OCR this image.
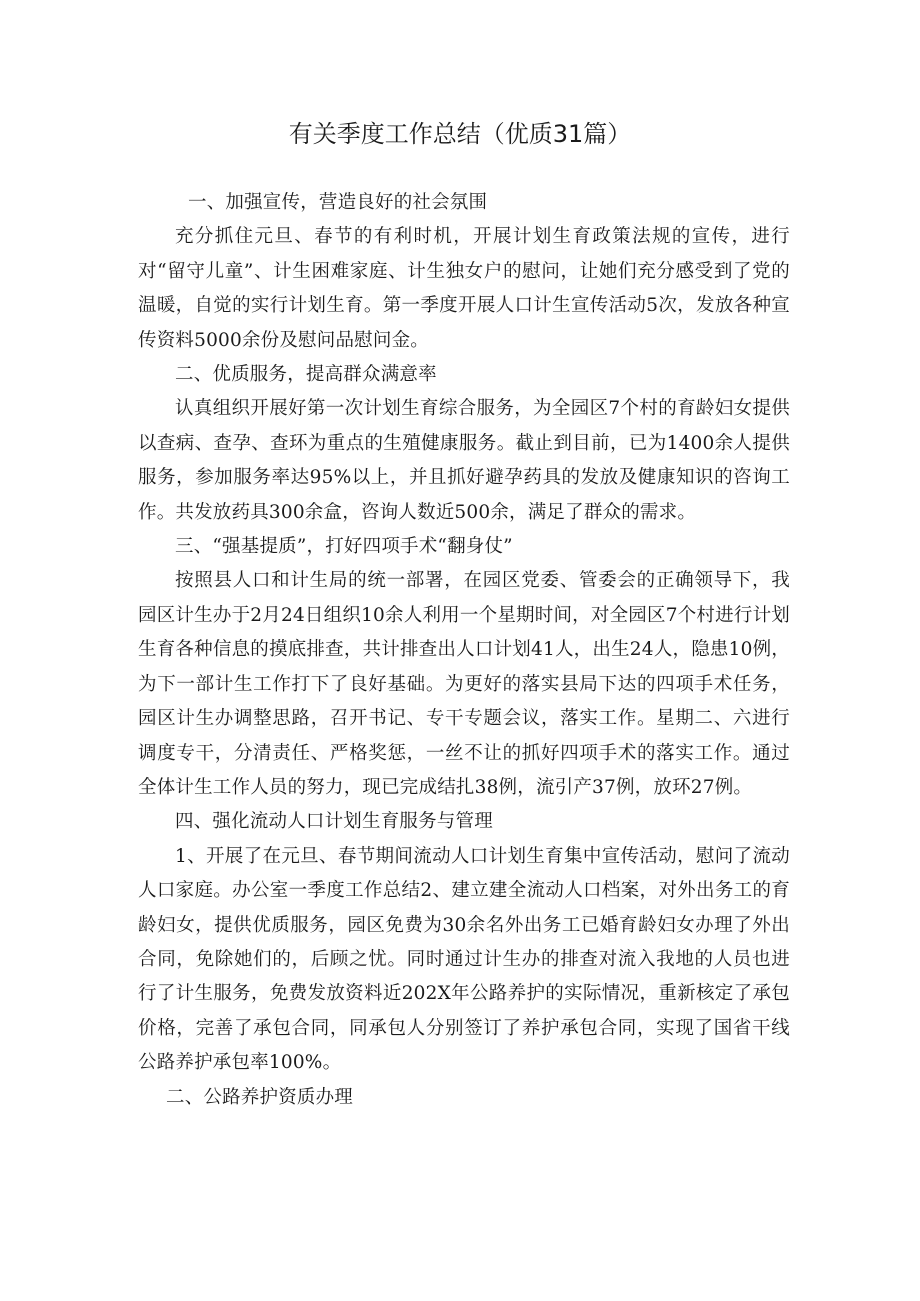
有关季度工作总结（优质31篇）

一、加强宣传，营造良好的社会氛围

充分抓住元旦、春节的有利时机，开展计划生育政策法规的宣传，进行对“留守儿童”、计生困难家庭、计生独女户的慰问，让她们充分感受到了党的温暖，自觉的实行计划生育。第一季度开展人口计生宣传活动5次，发放各种宣传资料5000余份及慰问品慰问金。

二、优质服务，提高群众满意率

认真组织开展好第一次计划生育综合服务，为全园区7个村的育龄妇女提供以查病、查孕、查环为重点的生殖健康服务。截止到目前，已为1400余人提供服务，参加服务率达95%以上，并且抓好避孕药具的发放及健康知识的咨询工作。共发放药具300余盒，咨询人数近500余，满足了群众的需求。

三、“强基提质”，打好四项手术“翻身仗”

按照县人口和计生局的统一部署，在园区党委、管委会的正确领导下，我园区计生办于2月24日组织10余人利用一个星期时间，对全园区7个村进行计划生育各种信息的摸底排查，共计排查出人口计划41人，出生24人，隐患10例，为下一部计生工作打下了良好基础。为更好的落实县局下达的四项手术任务，园区计生办调整思路，召开书记、专干专题会议，落实工作。星期二、六进行调度专干，分清责任、严格奖惩，一丝不让的抓好四项手术的落实工作。通过全体计生工作人员的努力，现已完成结扎38例，流引产37例，放环27例。

四、强化流动人口计划生育服务与管理

1、开展了在元旦、春节期间流动人口计划生育集中宣传活动，慰问了流动人口家庭。办公室一季度工作总结2、建立建全流动人口档案，对外出务工的育龄妇女，提供优质服务，园区免费为30余名外出务工已婚育龄妇女办理了外出合同，免除她们的，后顾之忧。同时通过计生办的排查对流入我地的人员也进行了计生服务，免费发放资料近202X年公路养护的实际情况，重新核定了承包价格，完善了承包合同，同承包人分别签订了养护承包合同，实现了国省干线公路养护承包率100%。

二、公路养护资质办理
